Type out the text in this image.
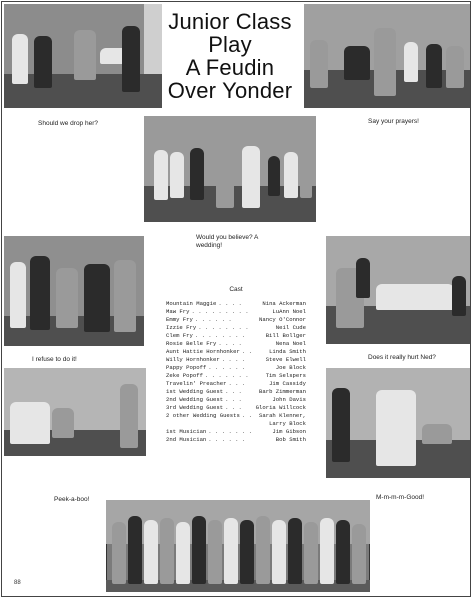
Junior Class
Play
A Feudin
Over Yonder
Should we drop her?	Say your prayers!
Would you believe? A wedding!
Cast
Mountain Maggie . . . .	Nina Ackerman
Maw Fry . . . . . . . . .	LuAnn Noel
Emmy Fry . . . . . .	Nancy O'Connor
Izzie Fry . . . . . . . .	Neil Cude
Clem Fry . . . . . . . .	Bill Bollger
Rosie Belle Fry . . . .	Nena Noel
Aunt Hattie Hornhonker . .	Linda Smith
Willy Hornhonker . . . .	Steve Elwell
Pappy Popoff . . . . . .	Joe Block
Zeke Popoff . . . . . . .	Tim Selspers
Travelin' Preacher . . .	Jim Cassidy
1st Wedding Guest . . .	Barb Zimmerman
2nd Wedding Guest . . .	John Davis
3rd Wedding Guest . . .	Gloria Willcock
2 other Wedding Guests . .	Sarah Klenner,
Larry Block
1st Musician . . . . . . .	Jim Gibson
2nd Musician . . . . . .	Bob Smith
I refuse to do it!	Does it really hurt Ned?
Peek-a-boo!	M-m-m-m-Good!
88
